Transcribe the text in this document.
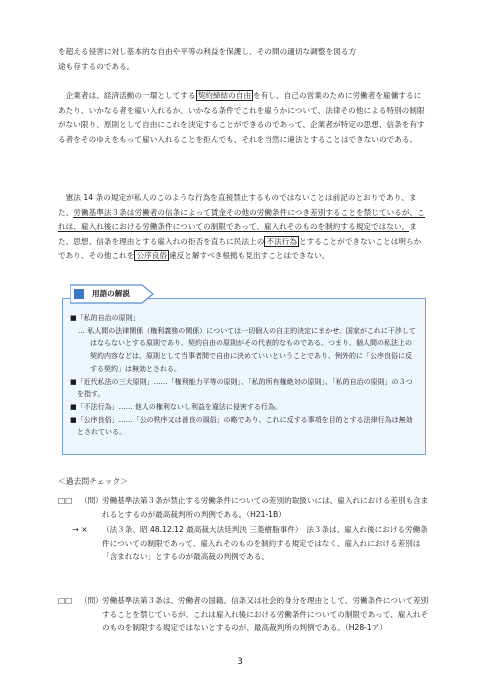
を超える侵害に対し基本的な自由や平等の利益を保護し、その間の適切な調整を図る方
途も存するのである。

　企業者は、経済活動の一環としてする 契約締結の自由 を有し、自己の営業のために労働者を雇傭するにあたり、いかなる者を雇い入れるか、いかなる条件でこれを雇うかについて、法律その他による特別の制限がない限り、原則として自由にこれを決定することができるのであって、企業者が特定の思想、信条を有する者をそのゆえをもって雇い入れることを拒んでも、それを当然に違法とすることはできないのである。

　憲法 14 条の規定が私人のこのような行為を直接禁止するものではないことは前記のとおりであり、また、労働基準法３条は労働者の信条によって賃金その他の労働条件につき差別することを禁じているが、これは、雇入れ後における労働条件についての制限であって、雇入れそのものを制約する規定ではない。また、思想、信条を理由とする雇入れの拒否を直ちに民法上の 不法行為 とすることができないことは明らかであり、その他これを 公序良俗 違反と解すべき根拠も見出すことはできない。

用語の解説

■「私的自治の原則」

… 私人間の法律関係（権利義務の関係）については一切個人の自主的決定にまかせ、国家がこれに干渉してはならないとする原則であり、契約自由の原則がその代表的なものである。つまり、個人間の私法上の契約内容などは、原則として当事者間で自由に決めていいということであり、例外的に「公序良俗に反する契約」は無効とされる。

■「近代私法の三大原則」……「権利能力平等の原則」、「私的所有権絶対の原則」、「私的自治の原則」の３つを指す。

■「不法行為」…… 他人の権利ないし利益を違法に侵害する行為。

■「公序良俗」……「公の秩序又は善良の風俗」の略であり、これに反する事項を目的とする法律行為は無効とされている。

＜過去問チェック＞
□□	（問） 労働基準法第３条が禁止する労働条件についての差別的取扱いには、雇入れにおける差別も含まれるとするのが最高裁判所の判例である。（H21-1B）
→ ×	（法３条、昭 48.12.12 最高裁大法廷判決 三菱樹脂事件）　法３条は、雇入れ後における労働条件についての制限であって、雇入れそのものを制約する規定ではなく、雇入れにおける差別は「含まれない」とするのが最高裁の判例である。
□□	（問） 労働基準法第３条は、労働者の国籍、信条又は社会的身分を理由として、労働条件について差別することを禁じているが、これは雇入れ後における労働条件についての制限であって、雇入れそのものを制限する規定ではないとするのが、最高裁判所の判例である。（H28-1ア）
3
